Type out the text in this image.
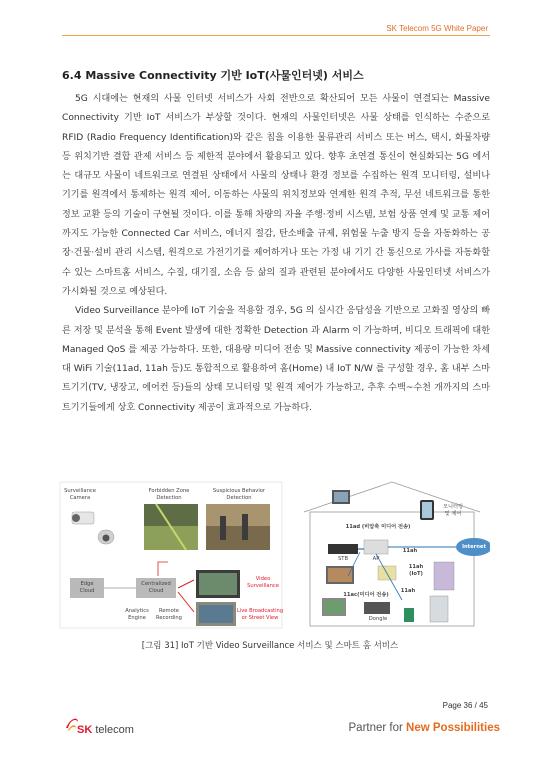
SK Telecom 5G White Paper
6.4 Massive Connectivity 기반 IoT(사물인터넷) 서비스

5G 시대에는 현재의 사물 인터넷 서비스가 사회 전반으로 확산되어 모든 사물이 연결되는 Massive Connectivity 기반 IoT 서비스가 부상할 것이다. 현재의 사물인터넷은 사물 상태를 인식하는 수준으로 RFID (Radio Frequency Identification)와 같은 칩을 이용한 물류관리 서비스 또는 버스, 택시, 화물차량 등 위치기반 결합 관제 서비스 등 제한적 분야에서 활용되고 있다. 향후 초연결 통신이 현실화되는 5G 에서는 대규모 사물이 네트워크로 연결된 상태에서 사물의 상태나 환경 정보를 수집하는 원격 모니터링, 설비나 기기를 원격에서 통제하는 원격 제어, 이동하는 사물의 위치정보와 연계한 원격 추적, 무선 네트워크를 통한 정보 교환 등의 기술이 구현될 것이다. 이를 통해 차량의 자율 주행·정비 시스템, 보험 상품 연계 및 교통 제어까지도 가능한 Connected Car 서비스, 에너지 절감, 탄소배출 규제, 위험물 누출 방지 등을 자동화하는 공장·건물·설비 관리 시스템, 원격으로 가전기기를 제어하거나 또는 가정 내 기기 간 통신으로 가사를 자동화할 수 있는 스마트홈 서비스, 수질, 대기질, 소음 등 삶의 질과 관련된 분야에서도 다양한 사물인터넷 서비스가 가시화될 것으로 예상된다.

Video Surveillance 분야에 IoT 기술을 적용할 경우, 5G 의 실시간 응답성을 기반으로 고화질 영상의 빠른 저장 및 분석을 통해 Event 발생에 대한 정확한 Detection 과 Alarm 이 가능하며, 비디오 트래픽에 대한 Managed QoS 를 제공 가능하다. 또한, 대용량 미디어 전송 및 Massive connectivity 제공이 가능한 차세대 WiFi 기술(11ad, 11ah 등)도 통합적으로 활용하여 홈(Home) 내 IoT N/W 를 구성할 경우, 홈 내부 스마트기기(TV, 냉장고, 에어컨 등)들의 상태 모니터링 및 원격 제어가 가능하고, 추후 수백~수천 개까지의 스마트기기들에게 상호 Connectivity 제공이 효과적으로 가능하다.

Surveillance Camera
Forbidden Zone Detection
Suspicious Behavior Detection
Edge
Cloud
Centralized
Cloud
Video
Surveillance
Analytics
Engine
Remote
Recording
Live Broadcasting
or Street View
11ad (비압축 미디어 전송)
모니터링
및 제어
STB	AP
Internet
11ah
11ah
(IoT)
11ah
11ac(미디어 전송)
Dongle
[그림 31] IoT 기반 Video Surveillance 서비스 및 스마트 홈 서비스
Page 36 / 45
SK telecom	Partner for New Possibilities
